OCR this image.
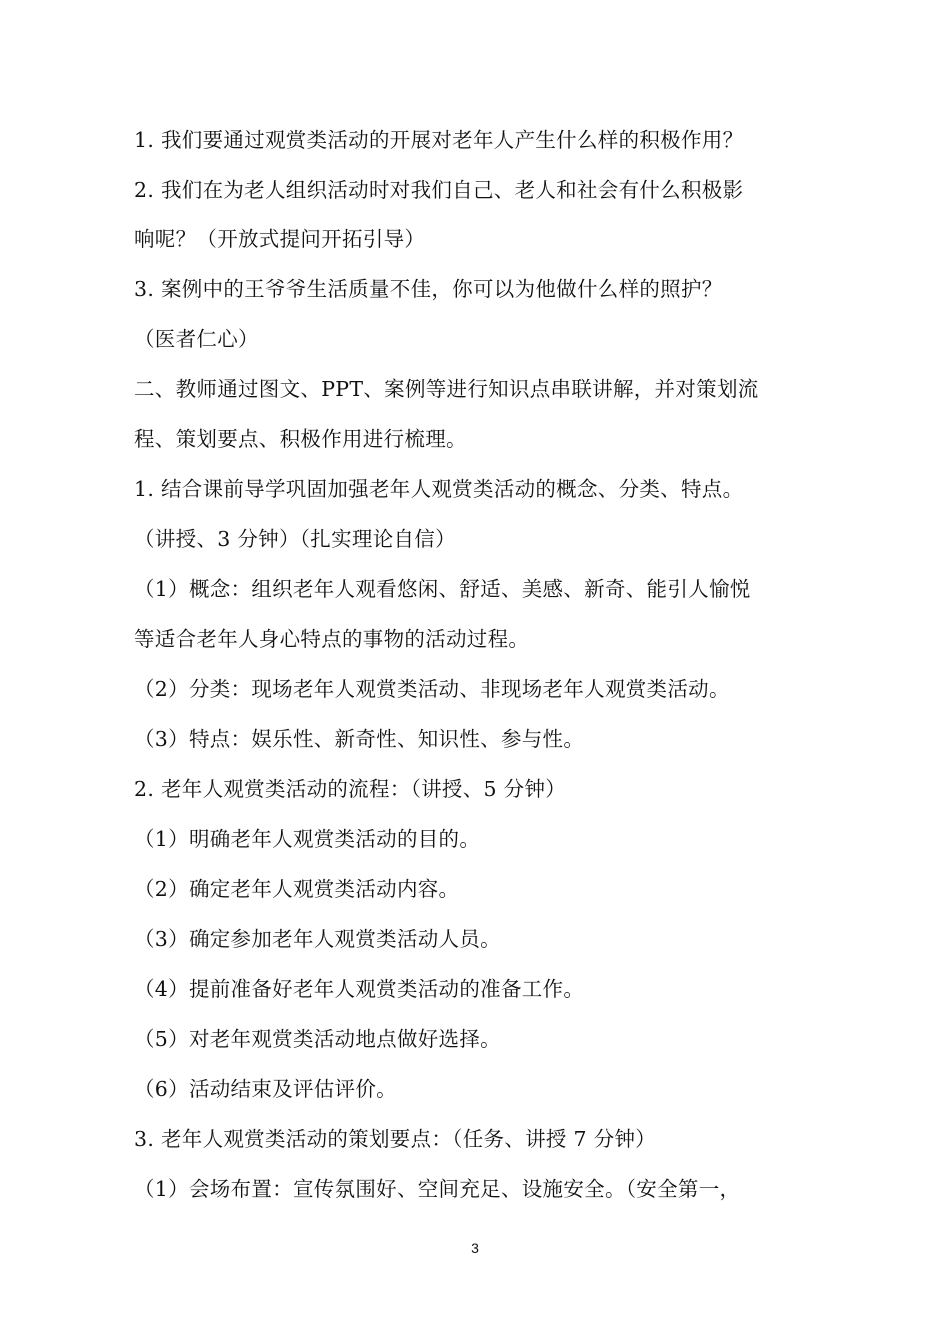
1. 我们要通过观赏类活动的开展对老年人产生什么样的积极作用？
2. 我们在为老人组织活动时对我们自己、老人和社会有什么积极影
响呢？（开放式提问开拓引导）
3. 案例中的王爷爷生活质量不佳，你可以为他做什么样的照护？
（医者仁心）
二、教师通过图文、PPT、案例等进行知识点串联讲解，并对策划流
程、策划要点、积极作用进行梳理。
1. 结合课前导学巩固加强老年人观赏类活动的概念、分类、特点。
（讲授、3 分钟）（扎实理论自信）
（1）概念：组织老年人观看悠闲、舒适、美感、新奇、能引人愉悦
等适合老年人身心特点的事物的活动过程。
（2）分类：现场老年人观赏类活动、非现场老年人观赏类活动。
（3）特点：娱乐性、新奇性、知识性、参与性。
2. 老年人观赏类活动的流程：（讲授、5 分钟）
（1）明确老年人观赏类活动的目的。
（2）确定老年人观赏类活动内容。
（3）确定参加老年人观赏类活动人员。
（4）提前准备好老年人观赏类活动的准备工作。
（5）对老年观赏类活动地点做好选择。
（6）活动结束及评估评价。
3. 老年人观赏类活动的策划要点：（任务、讲授 7 分钟）
（1）会场布置：宣传氛围好、空间充足、设施安全。（安全第一，
3
